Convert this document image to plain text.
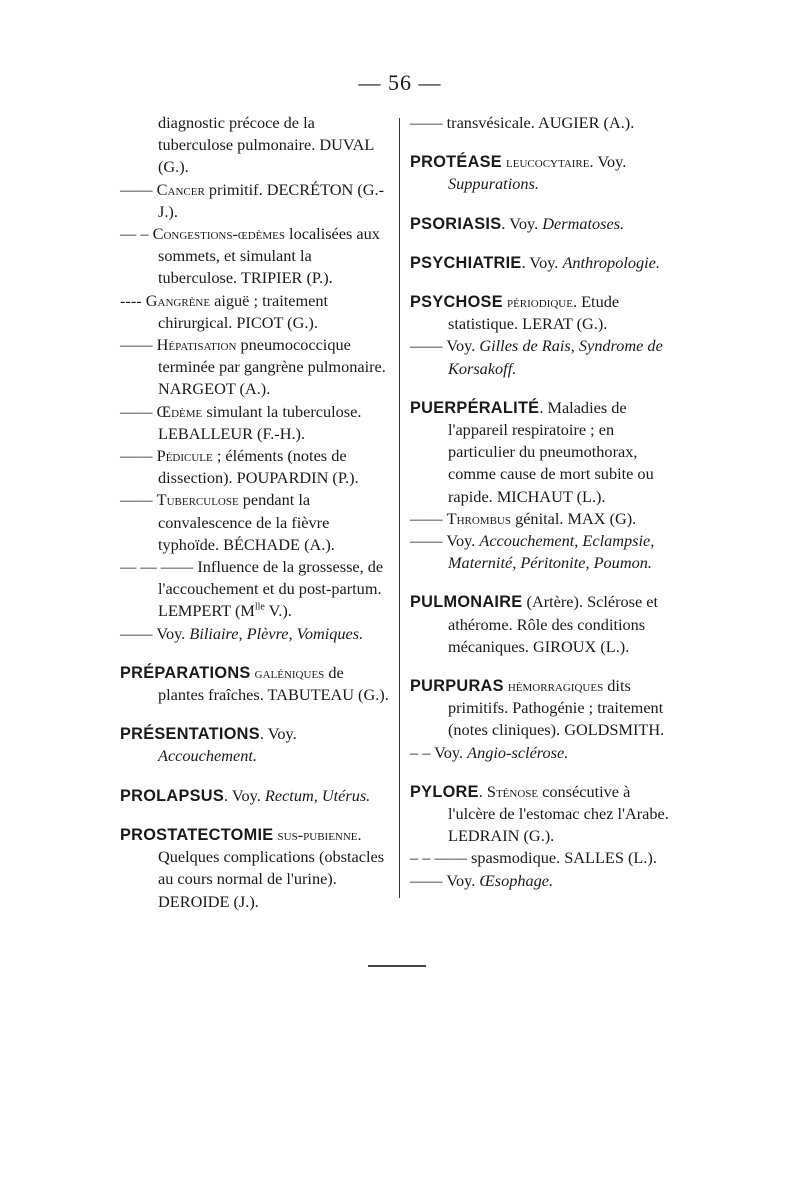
— 56 —

diagnostic précoce de la tuberculose pulmonaire. DUVAL (G.).

—— Cancer primitif. DECRÉTON (G.-J.).

— – Congestions-œdèmes localisées aux sommets, et simulant la tuberculose. TRIPIER (P.).

---- Gangrène aiguë ; traitement chirurgical. PICOT (G.).

—— Hépatisation pneumococcique terminée par gangrène pulmonaire. NARGEOT (A.).

—— Œdème simulant la tuberculose. LEBALLEUR (F.-H.).

—— Pédicule ; éléments (notes de dissection). POUPARDIN (P.).

—— Tuberculose pendant la convalescence de la fièvre typhoïde. BÉCHADE (A.).

— — —— Influence de la grossesse, de l'accouchement et du post-partum. LEMPERT ($M^{lle}$ V.).

—— Voy. Biliaire, Plèvre, Vomiques.

PRÉPARATIONS galéniques de plantes fraîches. TABUTEAU (G.).

PRÉSENTATIONS. Voy. Accouchement.

PROLAPSUS. Voy. Rectum, Utérus.

PROSTATECTOMIE sus-pubienne. Quelques complications (obstacles au cours normal de l'urine). DEROIDE (J.).

—— transvésicale. AUGIER (A.).

PROTÉASE leucocytaire. Voy. Suppurations.

PSORIASIS. Voy. Dermatoses.

PSYCHIATRIE. Voy. Anthropologie.

PSYCHOSE périodique. Etude statistique. LERAT (G.).

—— Voy. Gilles de Rais, Syndrome de Korsakoff.

PUERPÉRALITÉ. Maladies de l'appareil respiratoire ; en particulier du pneumothorax, comme cause de mort subite ou rapide. MICHAUT (L.).

—— Thrombus génital. MAX (G).

—— Voy. Accouchement, Eclampsie, Maternité, Péritonite, Poumon.

PULMONAIRE (Artère). Sclérose et athérome. Rôle des conditions mécaniques. GIROUX (L.).

PURPURAS hémorragiques dits primitifs. Pathogénie ; traitement (notes cliniques). GOLDSMITH.

– – Voy. Angio-sclérose.

PYLORE. Sténose consécutive à l'ulcère de l'estomac chez l'Arabe. LEDRAIN (G.).

– – —— spasmodique. SALLES (L.).

—— Voy. Œsophage.
